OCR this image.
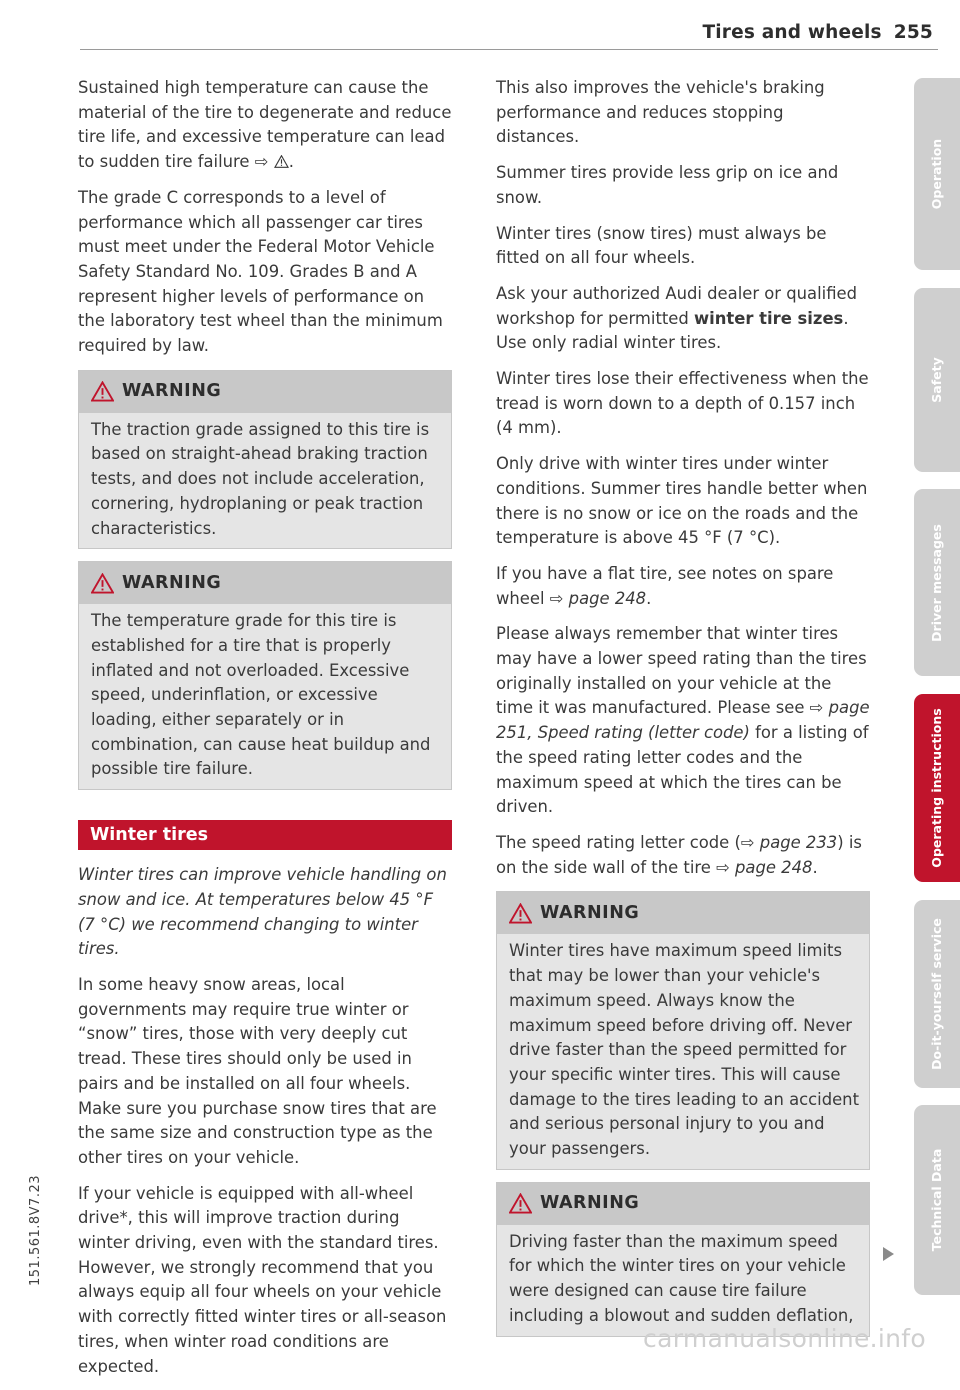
Tires and wheels 255

Sustained high temperature can cause the material of the tire to degenerate and reduce tire life, and excessive temperature can lead to sudden tire failure ⇨ .

The grade C corresponds to a level of performance which all passenger car tires must meet under the Federal Motor Vehicle Safety Standard No. 109. Grades B and A represent higher levels of performance on the laboratory test wheel than the minimum required by law.

WARNING
The traction grade assigned to this tire is based on straight-ahead braking traction tests, and does not include acceleration, cornering, hydroplaning or peak traction characteristics.
WARNING
The temperature grade for this tire is established for a tire that is properly inflated and not overloaded. Excessive speed, underinflation, or excessive loading, either separately or in combination, can cause heat buildup and possible tire failure.
Winter tires

Winter tires can improve vehicle handling on snow and ice. At temperatures below 45 °F (7 °C) we recommend changing to winter tires.

In some heavy snow areas, local governments may require true winter or “snow” tires, those with very deeply cut tread. These tires should only be used in pairs and be installed on all four wheels. Make sure you purchase snow tires that are the same size and construction type as the other tires on your vehicle.

If your vehicle is equipped with all-wheel drive*, this will improve traction during winter driving, even with the standard tires. However, we strongly recommend that you always equip all four wheels on your vehicle with correctly fitted winter tires or all-season tires, when winter road conditions are expected.

This also improves the vehicle's braking performance and reduces stopping distances.

Summer tires provide less grip on ice and snow.

Winter tires (snow tires) must always be fitted on all four wheels.

Ask your authorized Audi dealer or qualified workshop for permitted winter tire sizes. Use only radial winter tires.

Winter tires lose their effectiveness when the tread is worn down to a depth of 0.157 inch (4 mm).

Only drive with winter tires under winter conditions. Summer tires handle better when there is no snow or ice on the roads and the temperature is above 45 °F (7 °C).

If you have a flat tire, see notes on spare wheel ⇨ page 248.

Please always remember that winter tires may have a lower speed rating than the tires originally installed on your vehicle at the time it was manufactured. Please see ⇨ page 251, Speed rating (letter code) for a listing of the speed rating letter codes and the maximum speed at which the tires can be driven.

The speed rating letter code (⇨ page 233) is on the side wall of the tire ⇨ page 248.

WARNING
Winter tires have maximum speed limits that may be lower than your vehicle's maximum speed. Always know the maximum speed before driving off. Never drive faster than the speed permitted for your specific winter tires. This will cause damage to the tires leading to an accident and serious personal injury to you and your passengers.
WARNING
Driving faster than the maximum speed for which the winter tires on your vehicle were designed can cause tire failure including a blowout and sudden deflation,
Operation
Safety
Driver messages
Operating instructions
Do-it-yourself service
Technical Data
151.561.8V7.23
carmanualsonline.info
